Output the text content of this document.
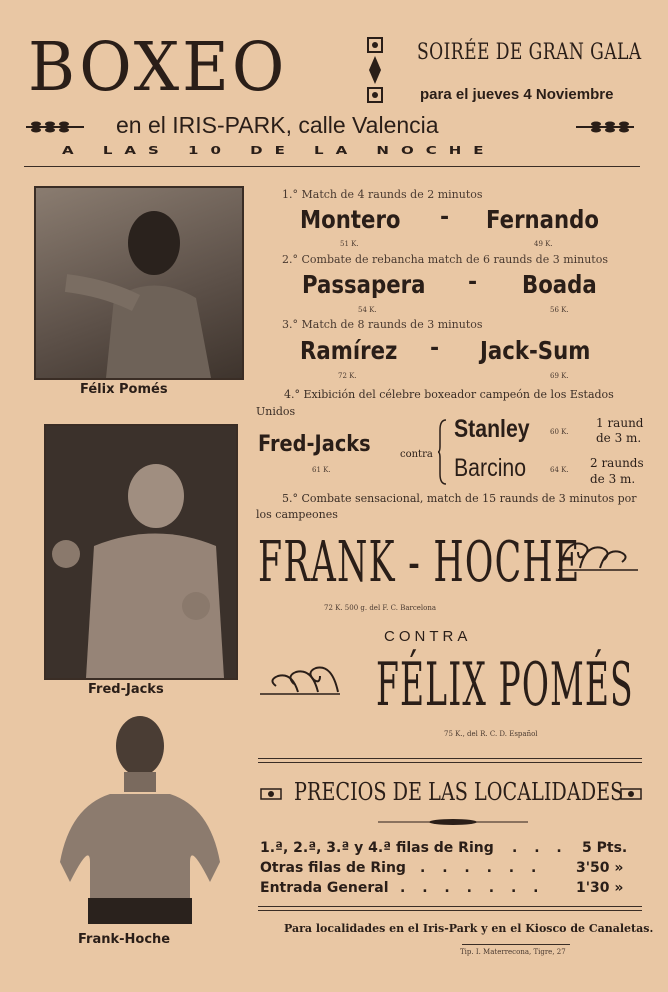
BOXEO	SOIRÉE DE GRAN GALA
para el jueves 4 Noviembre
en el IRIS-PARK, calle Valencia
A LAS 10 DE LA NOCHE
Félix Pomés
Fred-Jacks
Frank-Hoche
1.° Match de 4 raunds de 2 minutos
Montero - Fernando
51 K.	49 K.
2.° Combate de rebancha match de 6 raunds de 3 minutos
Passapera - Boada
54 K.	56 K.
3.° Match de 8 raunds de 3 minutos
Ramírez - Jack-Sum
72 K.	69 K.
4.° Exibición del célebre boxeador campeón de los Estados Unidos
Fred-Jacks
61 K.
contra
Stanley	60 K.
1 raund
de 3 m.
Barcino	64 K. 2 raunds
de 3 m.
5.° Combate sensacional, match de 15 raunds de 3 minutos por
los campeones
FRANK - HOCHE
72 K. 500 g. del F. C. Barcelona
CONTRA
FÉLIX POMÉS
75 K., del R. C. D. Español
PRECIOS DE LAS LOCALIDADES
1.ª, 2.ª, 3.ª y 4.ª filas de Ring . . . 5 Pts.
Otras filas de Ring . . . . . . 3'50 »
Entrada General . . . . . . . 1'30 »
Para localidades en el Iris-Park y en el Kiosco de Canaletas.
Tip. I. Materrecona, Tigre, 27
